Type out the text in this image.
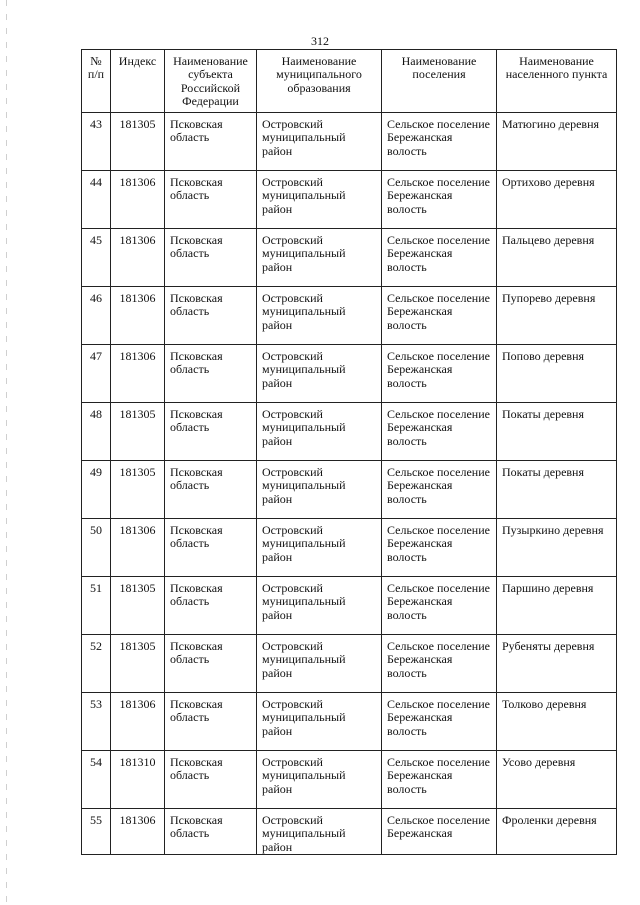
312
№ п/п	Индекс	Наименование субъекта Российской Федерации	Наименование муниципального образования	Наименование поселения	Наименование населенного пункта
43	181305	Псковская область	Островский муниципальный район	Сельское поселение Бережанская волость	Матюгино деревня
44	181306	Псковская область	Островский муниципальный район	Сельское поселение Бережанская волость	Ортихово деревня
45	181306	Псковская область	Островский муниципальный район	Сельское поселение Бережанская волость	Пальцево деревня
46	181306	Псковская область	Островский муниципальный район	Сельское поселение Бережанская волость	Пупорево деревня
47	181306	Псковская область	Островский муниципальный район	Сельское поселение Бережанская волость	Попово деревня
48	181305	Псковская область	Островский муниципальный район	Сельское поселение Бережанская волость	Покаты деревня
49	181305	Псковская область	Островский муниципальный район	Сельское поселение Бережанская волость	Покаты деревня
50	181306	Псковская область	Островский муниципальный район	Сельское поселение Бережанская волость	Пузыркино деревня
51	181305	Псковская область	Островский муниципальный район	Сельское поселение Бережанская волость	Паршино деревня
52	181305	Псковская область	Островский муниципальный район	Сельское поселение Бережанская волость	Рубеняты деревня
53	181306	Псковская область	Островский муниципальный район	Сельское поселение Бережанская волость	Толково деревня
54	181310	Псковская область	Островский муниципальный район	Сельское поселение Бережанская волость	Усово деревня
55	181306	Псковская область	Островский муниципальный район	Сельское поселение Бережанская	Фроленки деревня
